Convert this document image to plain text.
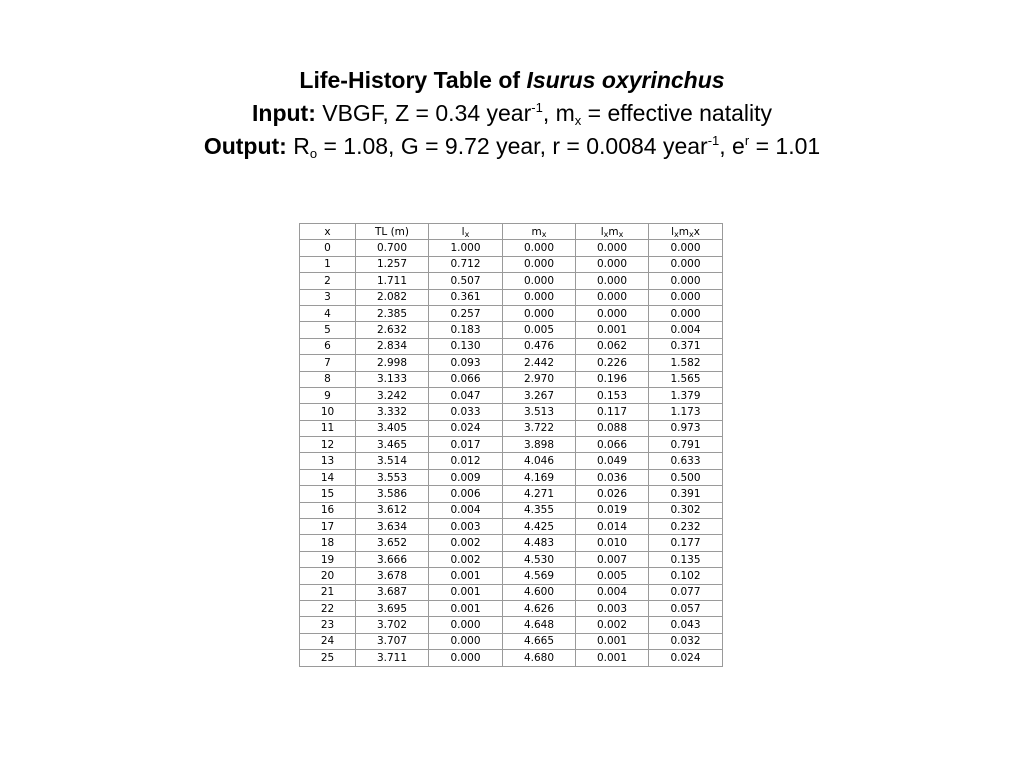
Life-History Table of Isurus oxyrinchus
Input: VBGF, Z = 0.34 year$^{-1}$, $m_x$ = effective natality
Output: $R_o = 1.08$, G = 9.72 year, r = 0.0084 year$^{-1}$, $e^r = 1.01$
x	TL (m)	$l_x$	$m_x$	$l_xm_x$	$l_xm_xx$
0	0.700	1.000	0.000	0.000	0.000
1	1.257	0.712	0.000	0.000	0.000
2	1.711	0.507	0.000	0.000	0.000
3	2.082	0.361	0.000	0.000	0.000
4	2.385	0.257	0.000	0.000	0.000
5	2.632	0.183	0.005	0.001	0.004
6	2.834	0.130	0.476	0.062	0.371
7	2.998	0.093	2.442	0.226	1.582
8	3.133	0.066	2.970	0.196	1.565
9	3.242	0.047	3.267	0.153	1.379
10	3.332	0.033	3.513	0.117	1.173
11	3.405	0.024	3.722	0.088	0.973
12	3.465	0.017	3.898	0.066	0.791
13	3.514	0.012	4.046	0.049	0.633
14	3.553	0.009	4.169	0.036	0.500
15	3.586	0.006	4.271	0.026	0.391
16	3.612	0.004	4.355	0.019	0.302
17	3.634	0.003	4.425	0.014	0.232
18	3.652	0.002	4.483	0.010	0.177
19	3.666	0.002	4.530	0.007	0.135
20	3.678	0.001	4.569	0.005	0.102
21	3.687	0.001	4.600	0.004	0.077
22	3.695	0.001	4.626	0.003	0.057
23	3.702	0.000	4.648	0.002	0.043
24	3.707	0.000	4.665	0.001	0.032
25	3.711	0.000	4.680	0.001	0.024
